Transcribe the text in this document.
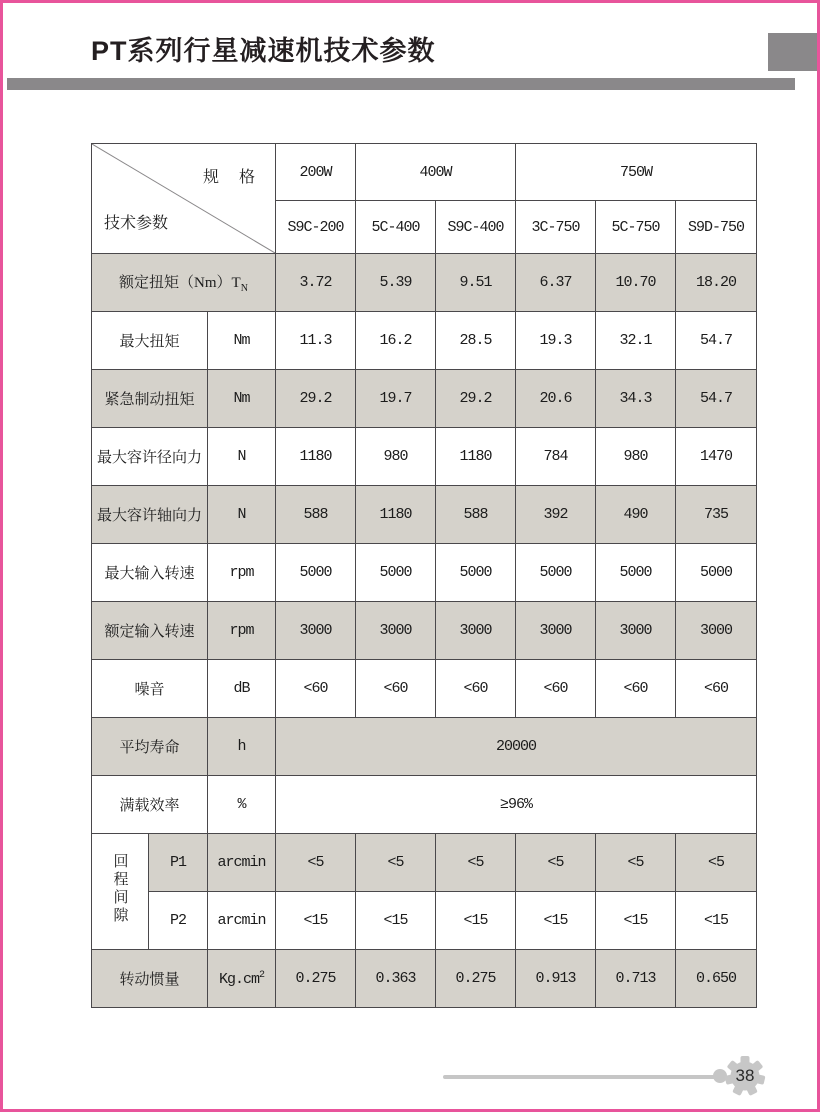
PT系列行星减速机技术参数
规 格
技术参数			200W	400W		750W		
			S9C-200	5C-400	S9C-400	3C-750	5C-750	S9D-750
额定扭矩$(Nm)T_N$			3.72	5.39	9.51	6.37	10.70	18.20
最大扭矩		Nm	11.3	16.2	28.5	19.3	32.1	54.7
紧急制动扭矩		Nm	29.2	19.7	29.2	20.6	34.3	54.7
最大容许径向力		N	1180	980	1180	784	980	1470
最大容许轴向力		N	588	1180	588	392	490	735
最大输入转速		rpm	5000	5000	5000	5000	5000	5000
额定输入转速		rpm	3000	3000	3000	3000	3000	3000
噪音		dB	<60	<60	<60	<60	<60	<60
平均寿命		h	20000					
满载效率		%	≥96%					
回程间隙	P1	arcmin	<5	<5	<5	<5	<5	<5
	P2	arcmin	<15	<15	<15	<15	<15	<15
转动惯量		$Kg.cm^2$	0.275	0.363	0.275	0.913	0.713	0.650
38
